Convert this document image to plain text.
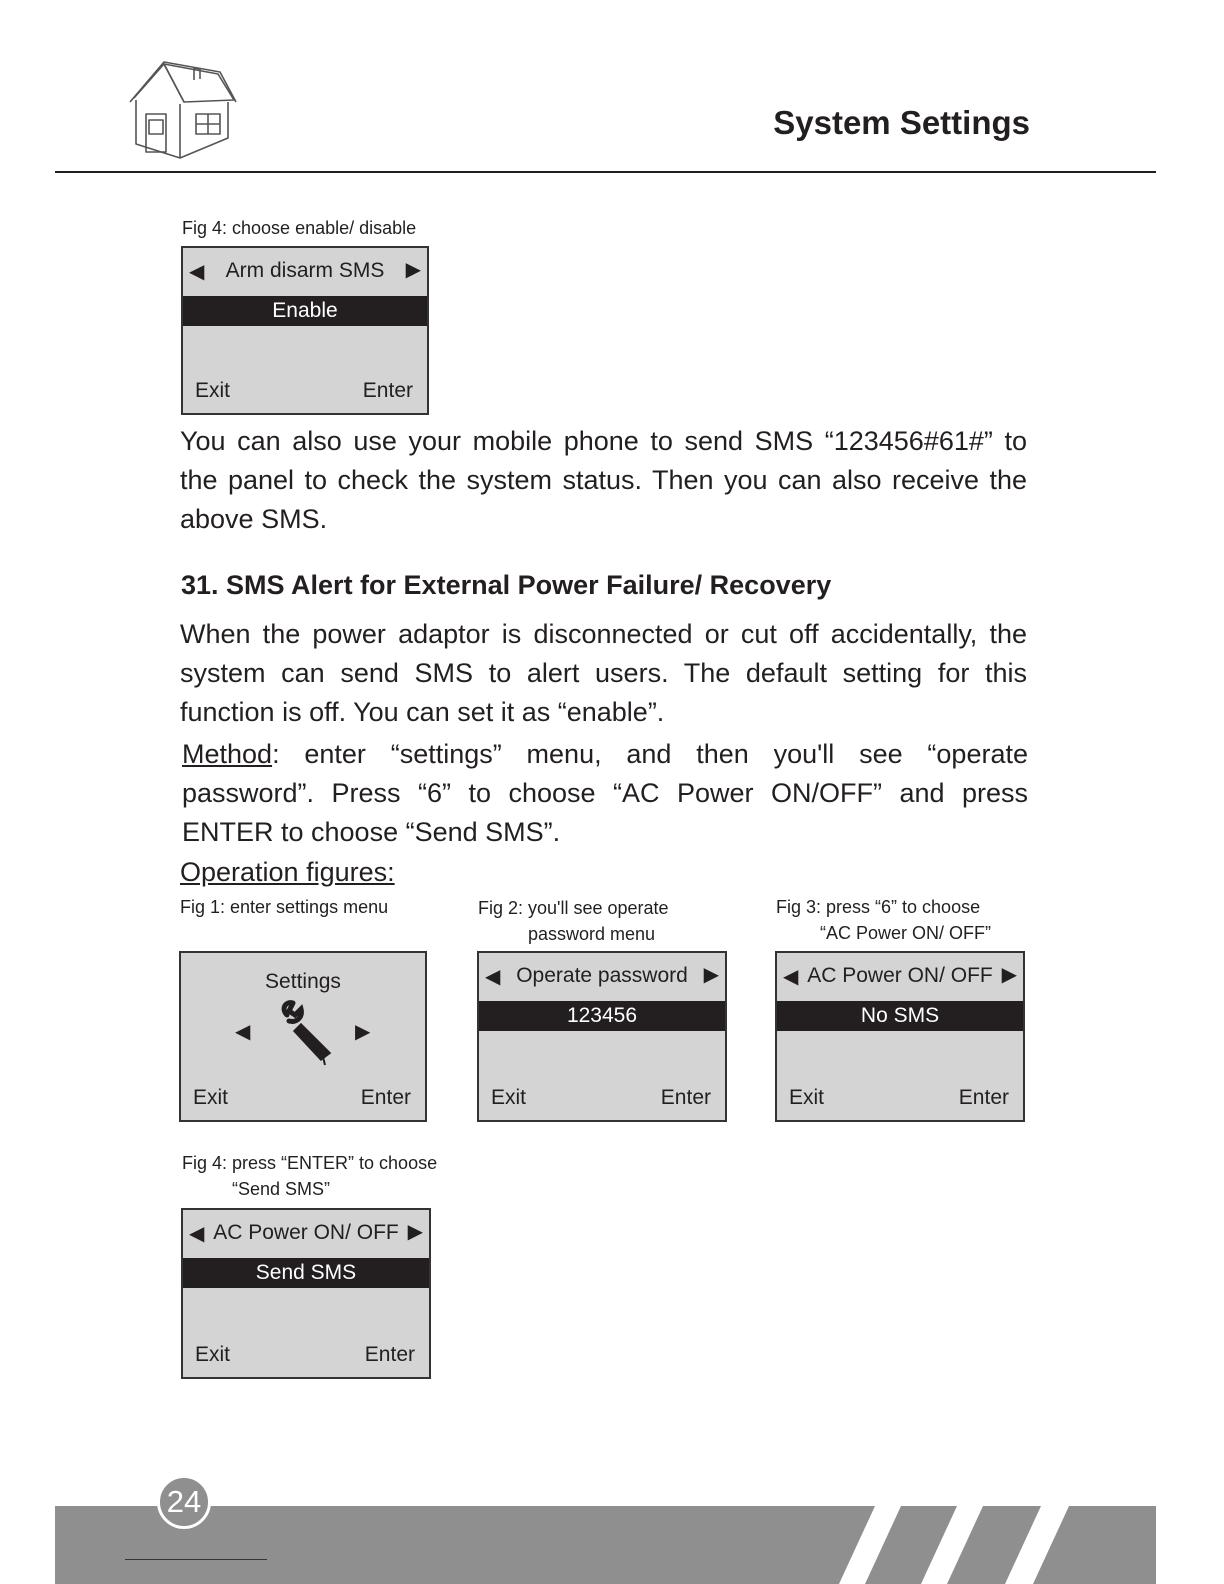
System Settings
Fig 4: choose enable/ disable
◀	Arm disarm SMS	▶
Enable
Exit	Enter
You can also use your mobile phone to send SMS “123456#61#” to the panel to check the system status. Then you can also receive the above SMS.
31. SMS Alert for External Power Failure/ Recovery
When the power adaptor is disconnected or cut off accidentally, the system can send SMS to alert users. The default setting for this function is off. You can set it as “enable”.
Method: enter “settings” menu, and then you'll see “operate password”. Press “6” to choose “AC Power ON/OFF” and press ENTER to choose “Send SMS”.
Operation figures:
Fig 1: enter settings menu
Settings
◀	▶
Exit	Enter
Fig 2: you'll see operate
password menu
◀ Operate password ▶
123456
Exit	Enter
Fig 3: press “6” to choose
“AC Power ON/ OFF”
◀ AC Power ON/ OFF ▶
No SMS
Exit	Enter
Fig 4: press “ENTER” to choose
“Send SMS”
◀ AC Power ON/ OFF ▶
Send SMS
Exit	Enter
24
